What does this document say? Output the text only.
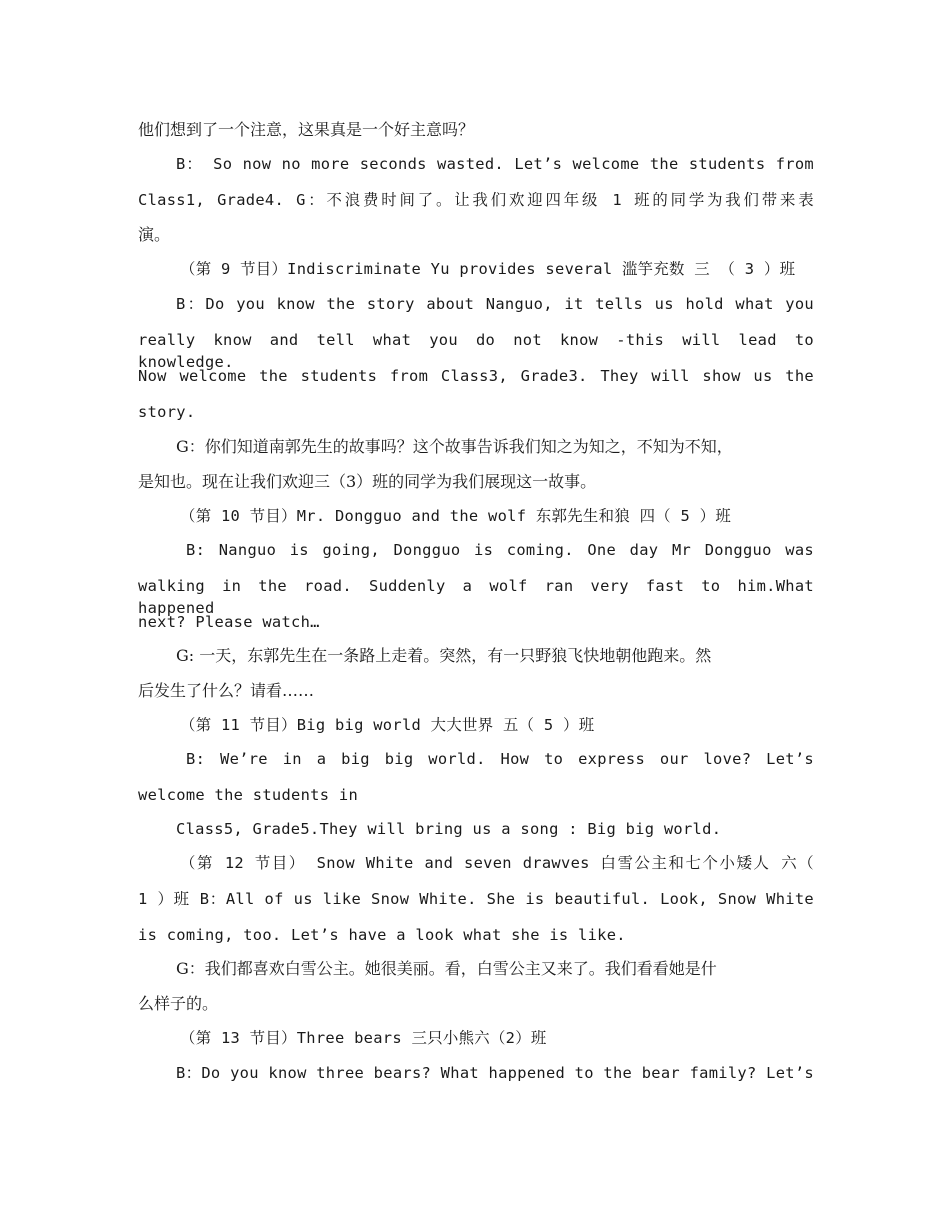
他们想到了一个注意，这果真是一个好主意吗？

B： So now no more seconds wasted. Let’s welcome the students from

Class1, Grade4. G：不浪费时间了。让我们欢迎四年级 1 班的同学为我们带来表

演。

（第 9 节目）Indiscriminate Yu provides several 滥竽充数 三 （ 3 ）班

B：Do you know the story about Nanguo, it tells us hold what you

really know and tell what you do not know -this will lead to knowledge.

Now welcome the students from Class3, Grade3. They will show us the

story.

G：你们知道南郭先生的故事吗？这个故事告诉我们知之为知之，不知为不知，

是知也。现在让我们欢迎三（3）班的同学为我们展现这一故事。

（第 10 节目）Mr. Dongguo and the wolf 东郭先生和狼 四（ 5 ）班

B: Nanguo is going, Dongguo is coming. One day Mr Dongguo was

walking in the road. Suddenly a wolf ran very fast to him.What happened

next? Please watch…

G: 一天，东郭先生在一条路上走着。突然，有一只野狼飞快地朝他跑来。然

后发生了什么？请看……

（第 11 节目）Big big world 大大世界 五（ 5 ）班

B: We’re in a big big world. How to express our love? Let’s

welcome the students in

Class5, Grade5.They will bring us a song : Big big world.

（第 12 节目） Snow White and seven drawves 白雪公主和七个小矮人 六（

1 ）班 B：All of us like Snow White. She is beautiful. Look, Snow White

is coming, too. Let’s have a look what she is like.

G：我们都喜欢白雪公主。她很美丽。看，白雪公主又来了。我们看看她是什

么样子的。

（第 13 节目）Three bears 三只小熊六（2）班

B：Do you know three bears? What happened to the bear family? Let’s
